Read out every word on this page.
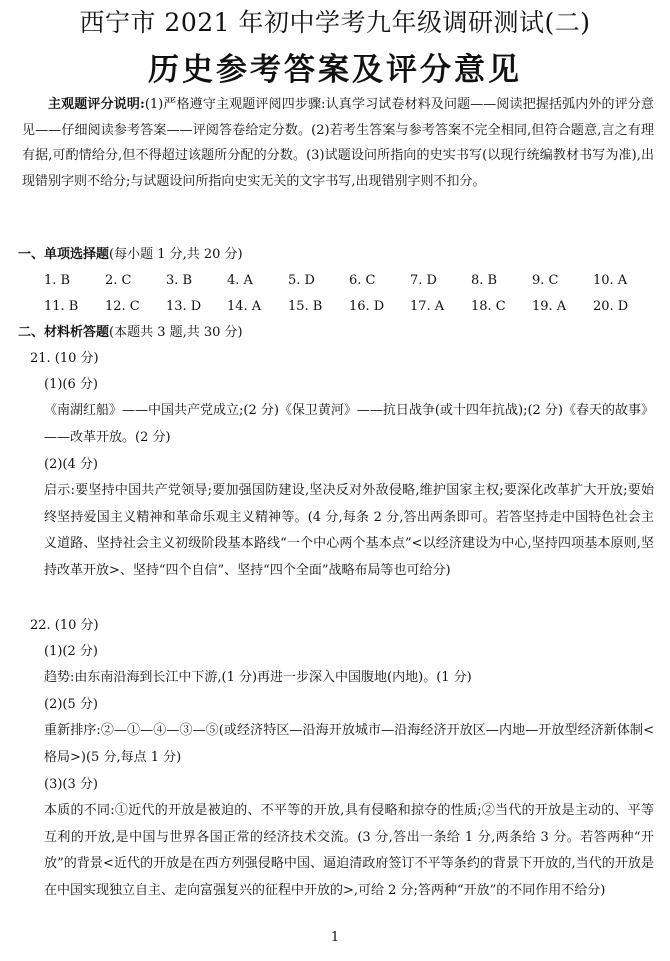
西宁市 2021 年初中学考九年级调研测试(二)
历史参考答案及评分意见
主观题评分说明:(1)严格遵守主观题评阅四步骤:认真学习试卷材料及问题——阅读把握括弧内外的评分意见——仔细阅读参考答案——评阅答卷给定分数。(2)若考生答案与参考答案不完全相同,但符合题意,言之有理有据,可酌情给分,但不得超过该题所分配的分数。(3)试题设问所指向的史实书写(以现行统编教材书写为准),出现错别字则不给分;与试题设问所指向史实无关的文字书写,出现错别字则不扣分。
一、单项选择题(每小题 1 分,共 20 分)
1. B	2. C	3. B	4. A	5. D	6. C	7. D	8. B	9. C	10. A
11. B 12. C 13. D 14. A 15. B 16. D 17. A 18. C 19. A 20. D
二、材料析答题(本题共 3 题,共 30 分)
21. (10 分)
(1)(6 分)
《南湖红船》——中国共产党成立;(2 分)《保卫黄河》——抗日战争(或十四年抗战);(2 分)《春天的故事》——改革开放。(2 分)
(2)(4 分)
启示:要坚持中国共产党领导;要加强国防建设,坚决反对外敌侵略,维护国家主权;要深化改革扩大开放;要始终坚持爱国主义精神和革命乐观主义精神等。(4 分,每条 2 分,答出两条即可。若答坚持走中国特色社会主义道路、坚持社会主义初级阶段基本路线“一个中心两个基本点”<以经济建设为中心,坚持四项基本原则,坚持改革开放>、坚持“四个自信”、坚持“四个全面”战略布局等也可给分)
22. (10 分)
(1)(2 分)
趋势:由东南沿海到长江中下游,(1 分)再进一步深入中国腹地(内地)。(1 分)
(2)(5 分)
重新排序:②—①—④—③—⑤(或经济特区—沿海开放城市—沿海经济开放区—内地—开放型经济新体制<格局>)(5 分,每点 1 分)
(3)(3 分)
本质的不同:①近代的开放是被迫的、不平等的开放,具有侵略和掠夺的性质;②当代的开放是主动的、平等互利的开放,是中国与世界各国正常的经济技术交流。(3 分,答出一条给 1 分,两条给 3 分。若答两种“开放”的背景<近代的开放是在西方列强侵略中国、逼迫清政府签订不平等条约的背景下开放的,当代的开放是在中国实现独立自主、走向富强复兴的征程中开放的>,可给 2 分;答两种“开放”的不同作用不给分)
1
